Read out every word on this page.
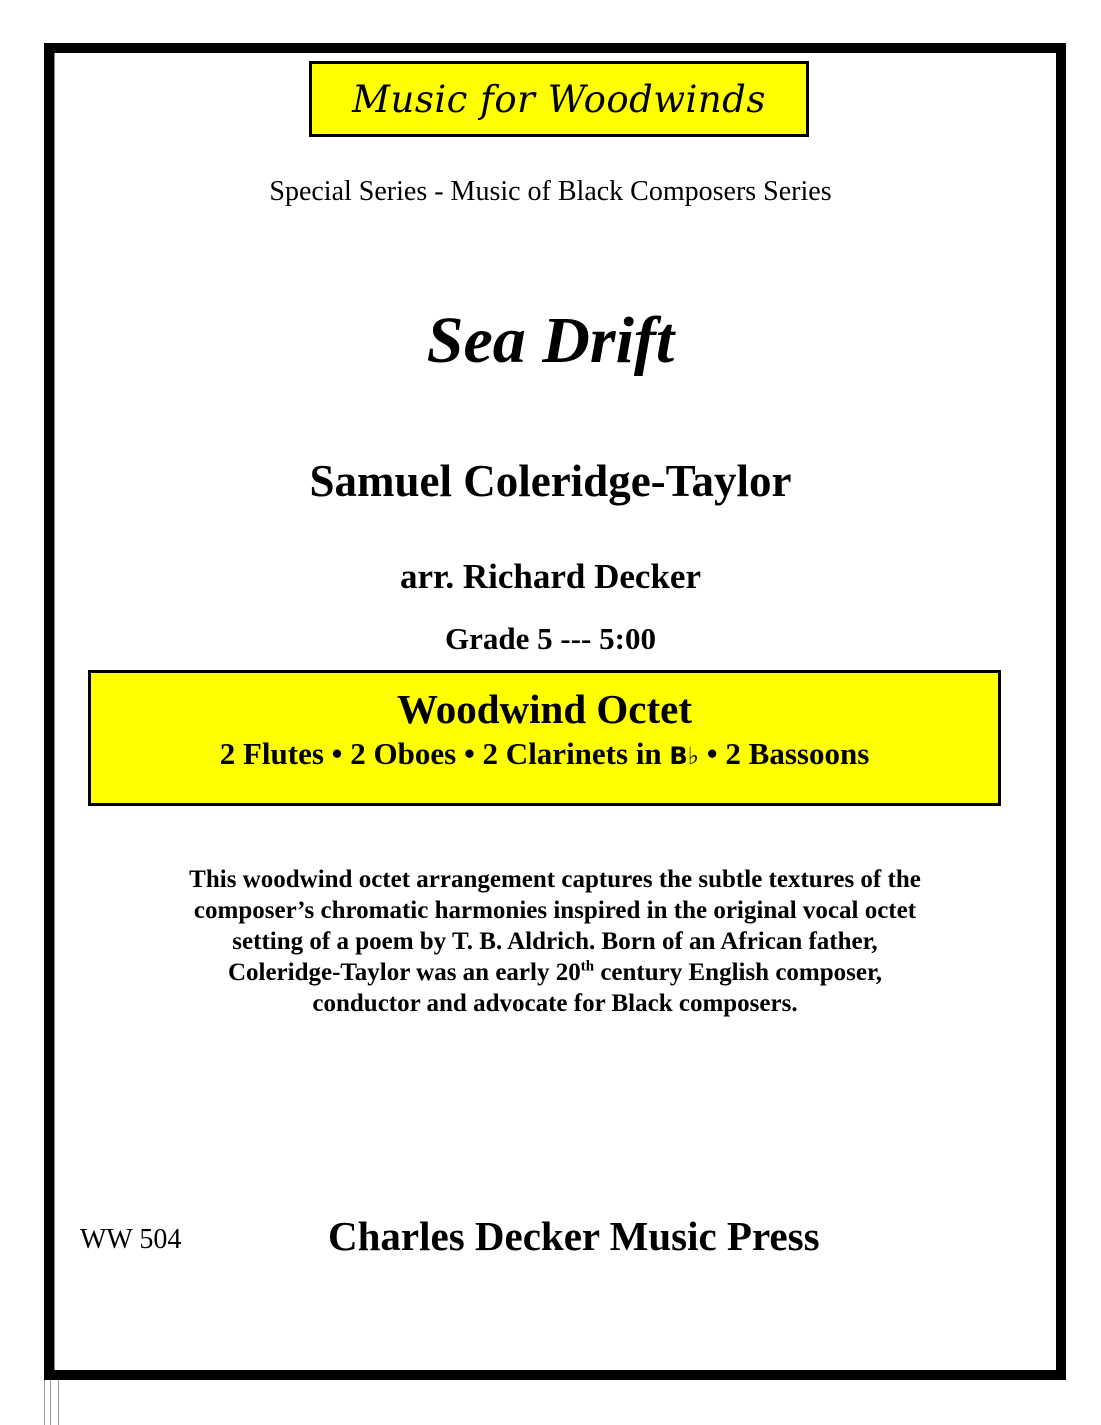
Music for Woodwinds
Special Series - Music of Black Composers Series
Sea Drift
Samuel Coleridge-Taylor
arr. Richard Decker
Grade 5 --- 5:00
Woodwind Octet
2 Flutes • 2 Oboes • 2 Clarinets in B♭ • 2 Bassoons
This woodwind octet arrangement captures the subtle textures of the
composer’s chromatic harmonies inspired in the original vocal octet
setting of a poem by T. B. Aldrich. Born of an African father,
Coleridge-Taylor was an early 20th century English composer,
conductor and advocate for Black composers.
WW 504	Charles Decker Music Press
